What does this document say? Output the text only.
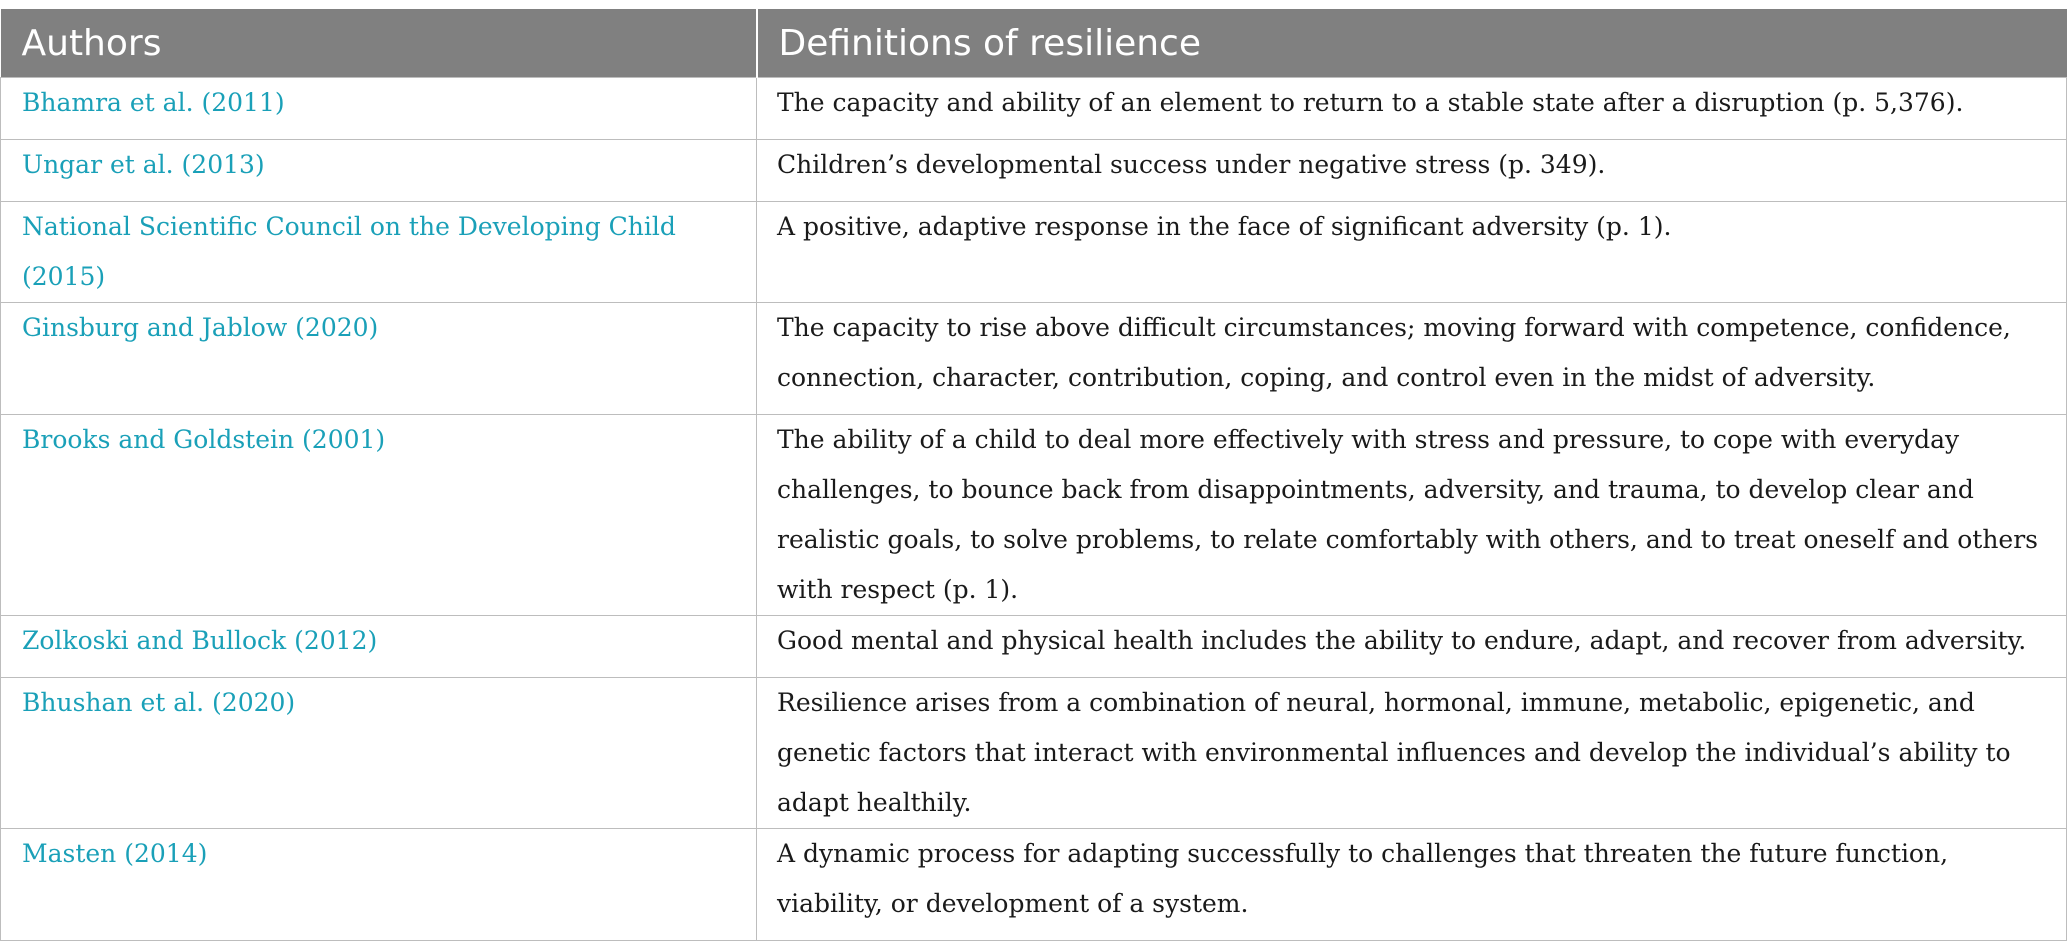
Authors	Definitions of resilience

Bhamra et al. (2011)	The capacity and ability of an element to return to a stable state after a disruption (p. 5,376).

Ungar et al. (2013)	Children’s developmental success under negative stress (p. 349).

National Scientific Council on the Developing Child (2015)	A positive, adaptive response in the face of significant adversity (p. 1).

Ginsburg and Jablow (2020)	The capacity to rise above difficult circumstances; moving forward with competence, confidence, connection, character, contribution, coping, and control even in the midst of adversity.

Brooks and Goldstein (2001)	The ability of a child to deal more effectively with stress and pressure, to cope with everyday challenges, to bounce back from disappointments, adversity, and trauma, to develop clear and realistic goals, to solve problems, to relate comfortably with others, and to treat oneself and others with respect (p. 1).

Zolkoski and Bullock (2012)	Good mental and physical health includes the ability to endure, adapt, and recover from adversity.

Bhushan et al. (2020)	Resilience arises from a combination of neural, hormonal, immune, metabolic, epigenetic, and genetic factors that interact with environmental influences and develop the individual’s ability to adapt healthily.

Masten (2014)	A dynamic process for adapting successfully to challenges that threaten the future function, viability, or development of a system.
